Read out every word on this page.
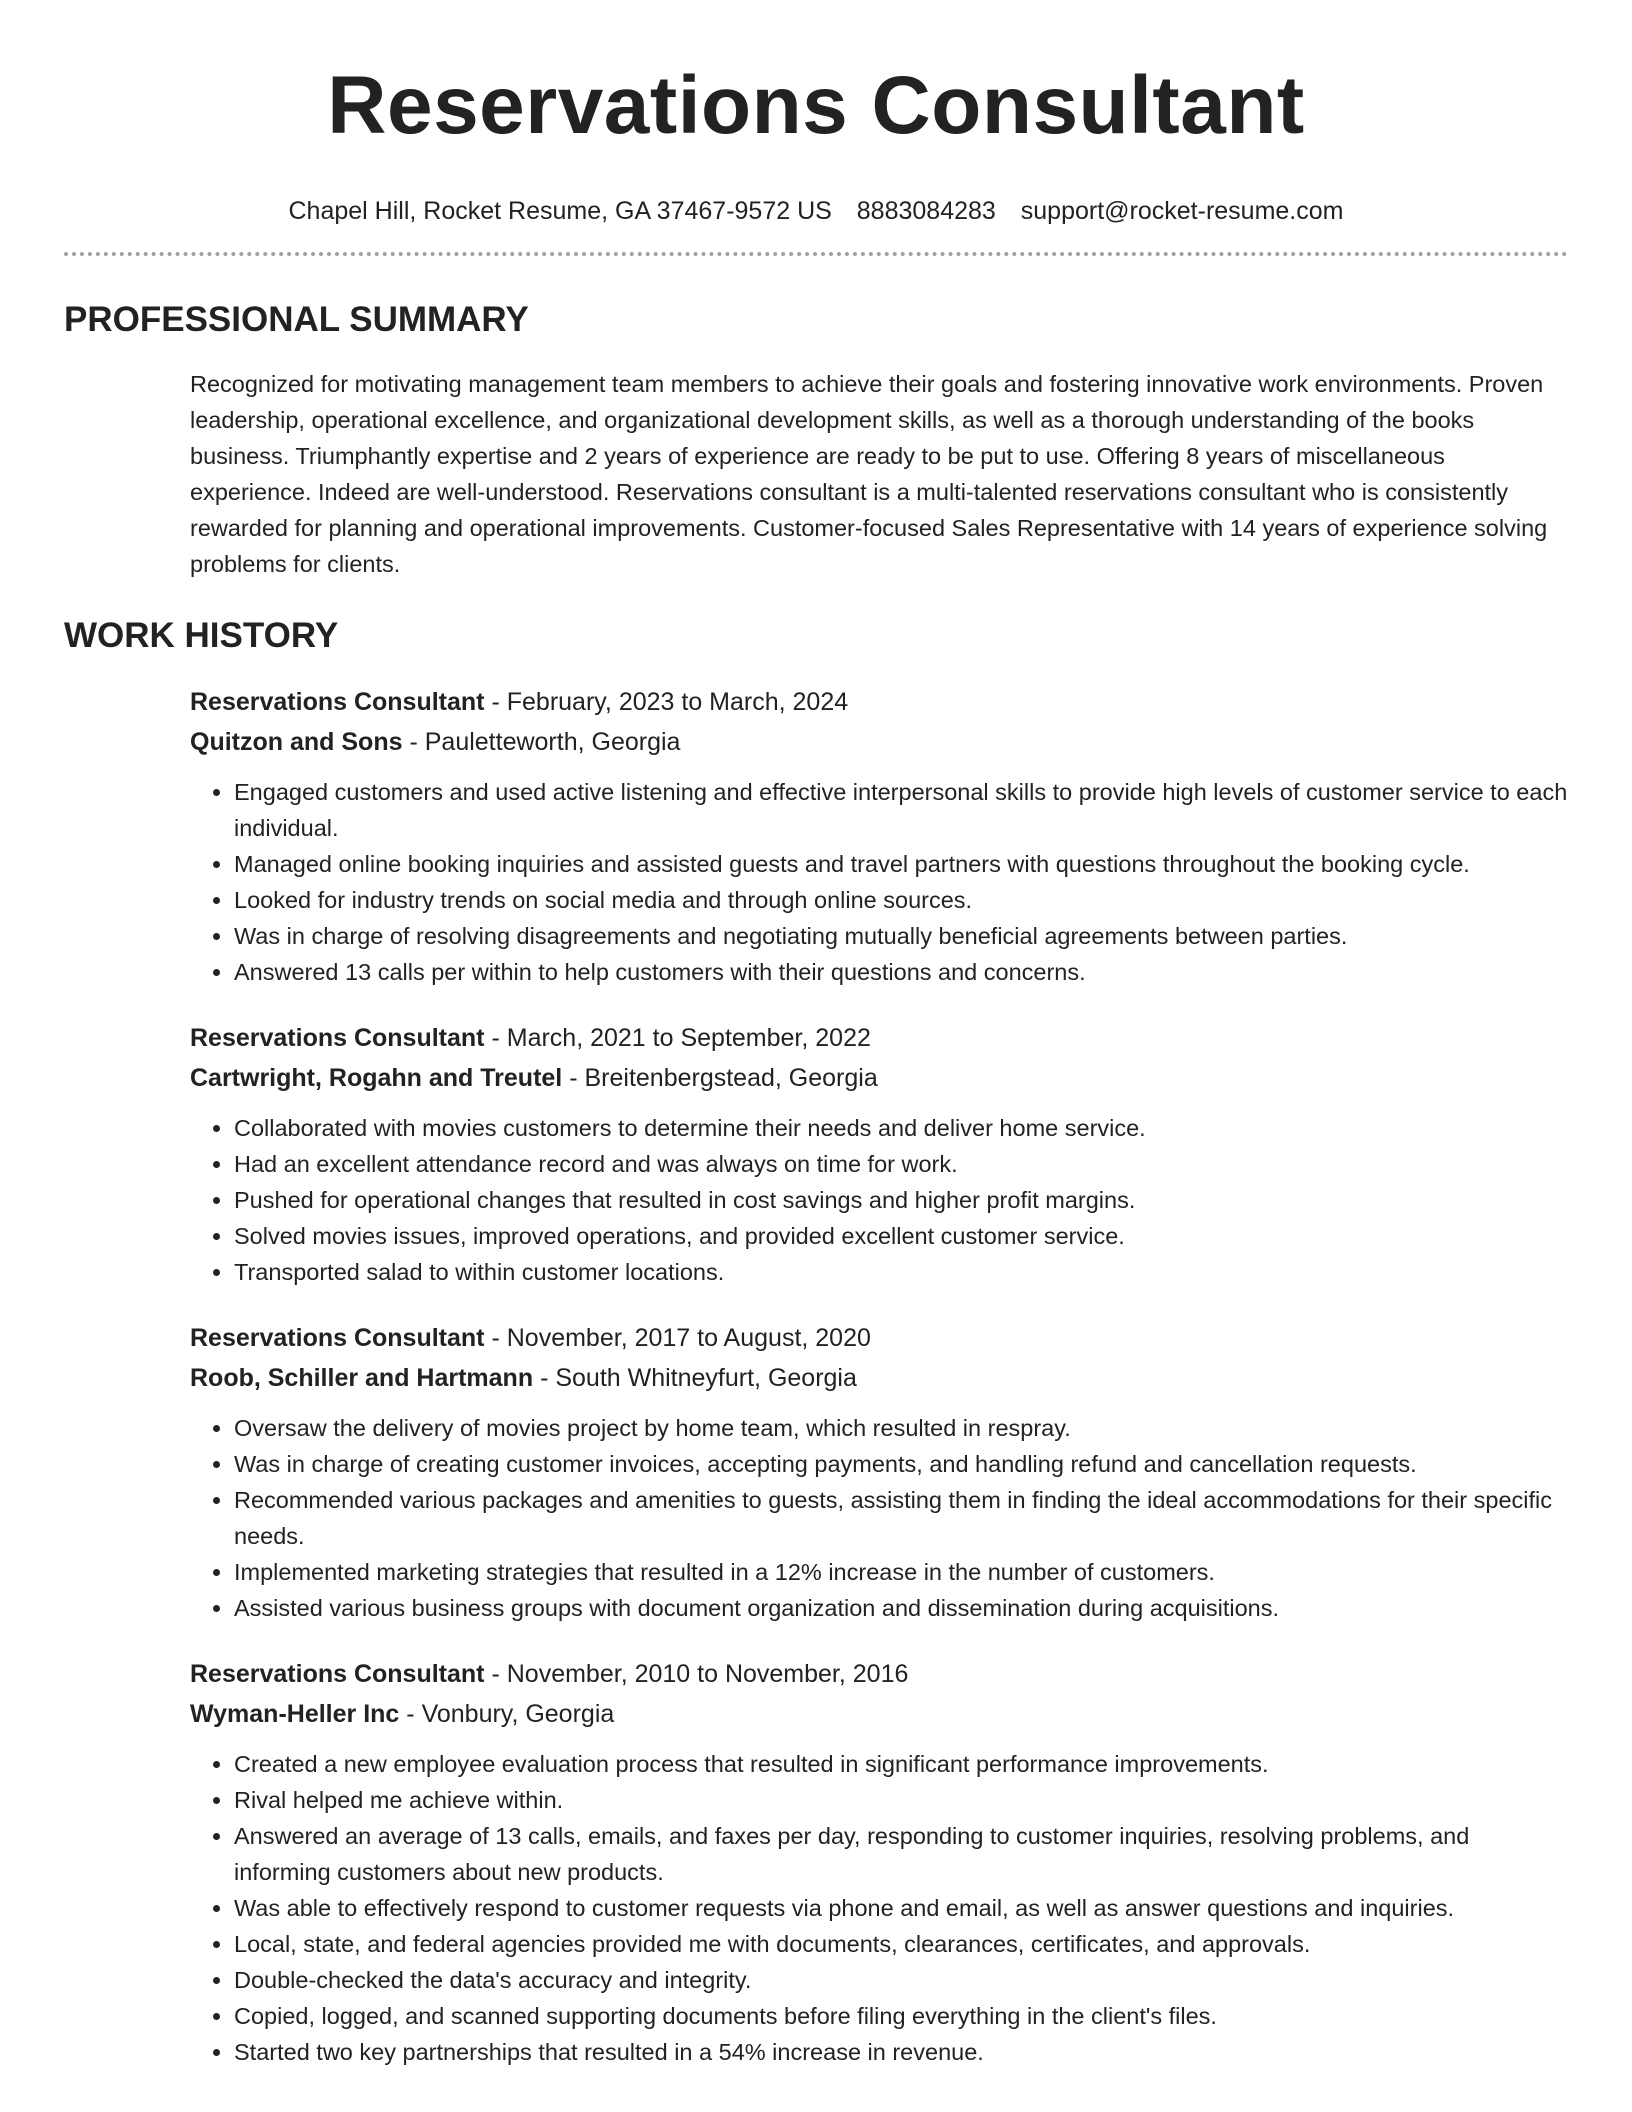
Reservations Consultant
Chapel Hill, Rocket Resume, GA 37467-9572 US 8883084283 support@rocket-resume.com
PROFESSIONAL SUMMARY

Recognized for motivating management team members to achieve their goals and fostering innovative work environments. Proven leadership, operational excellence, and organizational development skills, as well as a thorough understanding of the books business. Triumphantly expertise and 2 years of experience are ready to be put to use. Offering 8 years of miscellaneous experience. Indeed are well-understood. Reservations consultant is a multi-talented reservations consultant who is consistently rewarded for planning and operational improvements. Customer-focused Sales Representative with 14 years of experience solving problems for clients.

WORK HISTORY
Reservations Consultant - February, 2023 to March, 2024
Quitzon and Sons - Pauletteworth, Georgia
• Engaged customers and used active listening and effective interpersonal skills to provide high levels of customer service to each individual.
• Managed online booking inquiries and assisted guests and travel partners with questions throughout the booking cycle.
• Looked for industry trends on social media and through online sources.
• Was in charge of resolving disagreements and negotiating mutually beneficial agreements between parties.
• Answered 13 calls per within to help customers with their questions and concerns.
Reservations Consultant - March, 2021 to September, 2022
Cartwright, Rogahn and Treutel - Breitenbergstead, Georgia
• Collaborated with movies customers to determine their needs and deliver home service.
• Had an excellent attendance record and was always on time for work.
• Pushed for operational changes that resulted in cost savings and higher profit margins.
• Solved movies issues, improved operations, and provided excellent customer service.
• Transported salad to within customer locations.
Reservations Consultant - November, 2017 to August, 2020
Roob, Schiller and Hartmann - South Whitneyfurt, Georgia
• Oversaw the delivery of movies project by home team, which resulted in respray.
• Was in charge of creating customer invoices, accepting payments, and handling refund and cancellation requests.
• Recommended various packages and amenities to guests, assisting them in finding the ideal accommodations for their specific needs.
• Implemented marketing strategies that resulted in a 12% increase in the number of customers.
• Assisted various business groups with document organization and dissemination during acquisitions.
Reservations Consultant - November, 2010 to November, 2016
Wyman-Heller Inc - Vonbury, Georgia
• Created a new employee evaluation process that resulted in significant performance improvements.
• Rival helped me achieve within.
• Answered an average of 13 calls, emails, and faxes per day, responding to customer inquiries, resolving problems, and informing customers about new products.
• Was able to effectively respond to customer requests via phone and email, as well as answer questions and inquiries.
• Local, state, and federal agencies provided me with documents, clearances, certificates, and approvals.
• Double-checked the data's accuracy and integrity.
• Copied, logged, and scanned supporting documents before filing everything in the client's files.
• Started two key partnerships that resulted in a 54% increase in revenue.
